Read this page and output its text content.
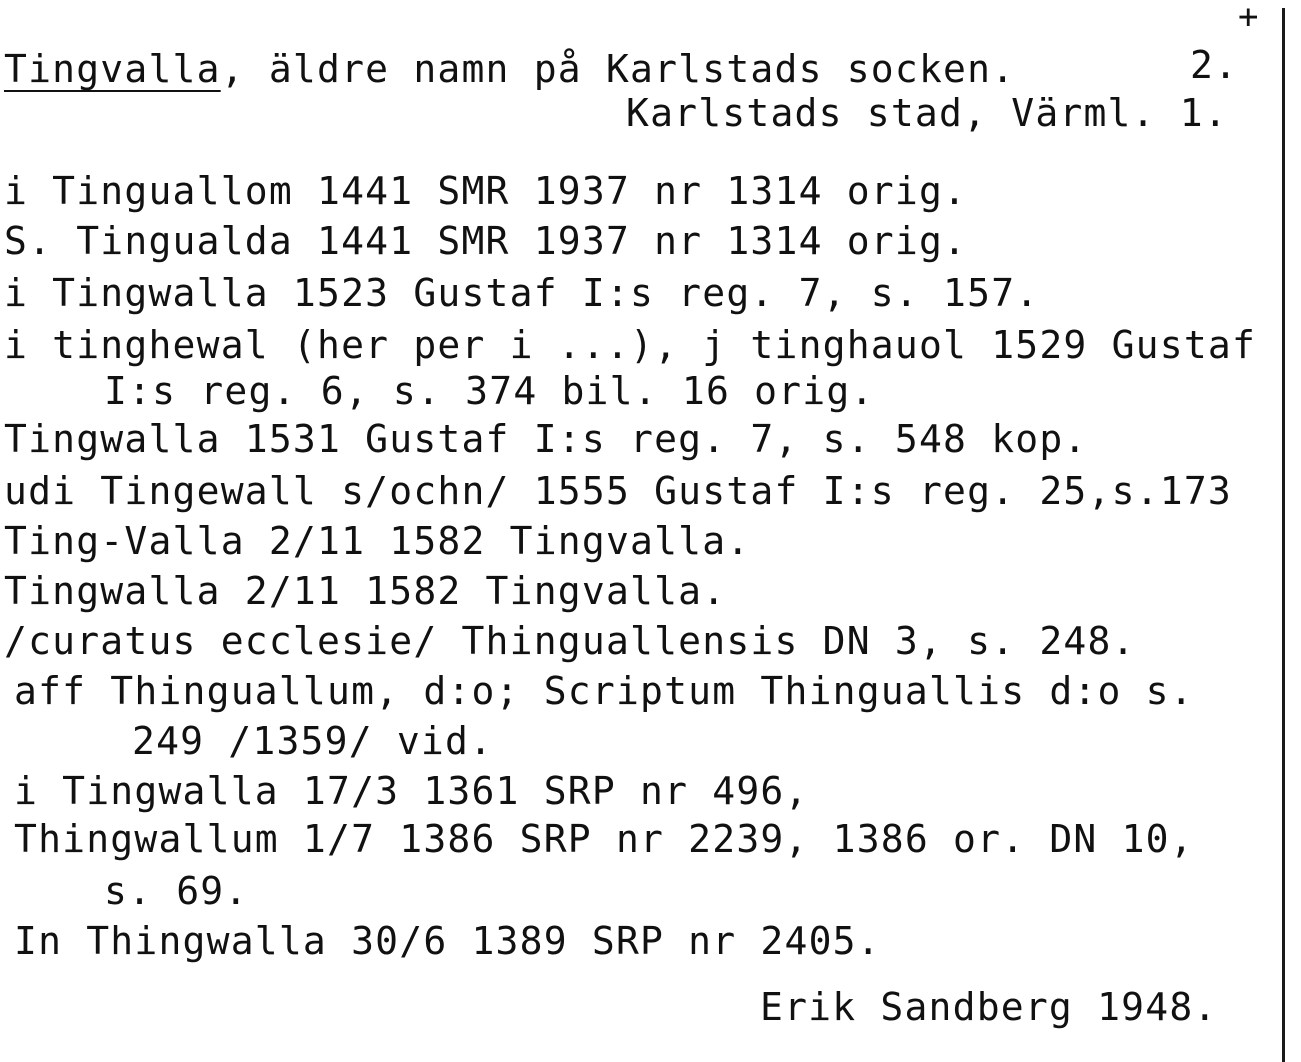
+
Tingvalla, äldre namn på Karlstads socken.	2.
Karlstads stad, Värml. 1.
i Tinguallom 1441 SMR 1937 nr 1314 orig.
S. Tingualda 1441 SMR 1937 nr 1314 orig.
i Tingwalla 1523 Gustaf I:s reg. 7, s. 157.
i tinghewal (her per i ...), j tinghauol 1529 Gustaf
I:s reg. 6, s. 374 bil. 16 orig.
Tingwalla 1531 Gustaf I:s reg. 7, s. 548 kop.
udi Tingewall s/ochn/ 1555 Gustaf I:s reg. 25,s.173
Ting-Valla 2/11 1582 Tingvalla.
Tingwalla 2/11 1582 Tingvalla.
/curatus ecclesie/ Thinguallensis DN 3, s. 248.
aff Thinguallum, d:o; Scriptum Thinguallis d:o s.
249 /1359/ vid.
i Tingwalla 17/3 1361 SRP nr 496,
Thingwallum 1/7 1386 SRP nr 2239, 1386 or. DN 10,
s. 69.
In Thingwalla 30/6 1389 SRP nr 2405.
Erik Sandberg 1948.
